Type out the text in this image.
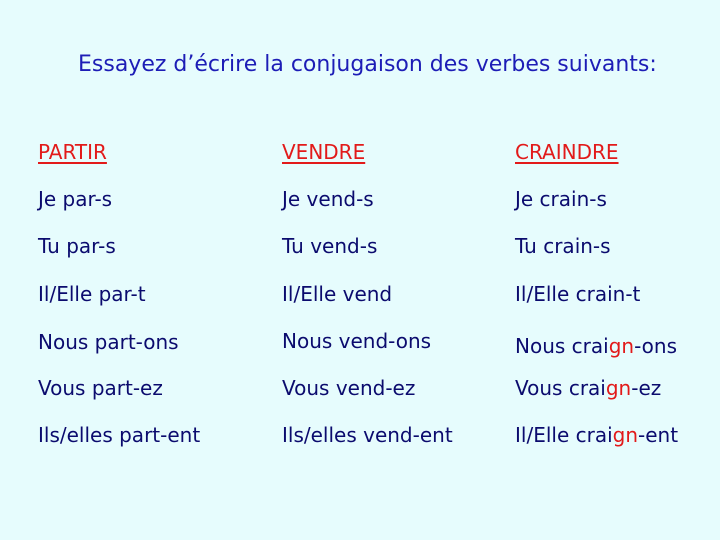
Essayez d’écrire la conjugaison des verbes suivants:
PARTIR
Je par-s
Tu par-s
Il/Elle par-t
Nous part-ons
Vous part-ez
Ils/elles part-ent
VENDRE
Je vend-s
Tu vend-s
Il/Elle vend
Nous vend-ons
Vous vend-ez
Ils/elles vend-ent
CRAINDRE
Je crain-s
Tu crain-s
Il/Elle crain-t
Nous craign-ons
Vous craign-ez
Il/Elle craign-ent
